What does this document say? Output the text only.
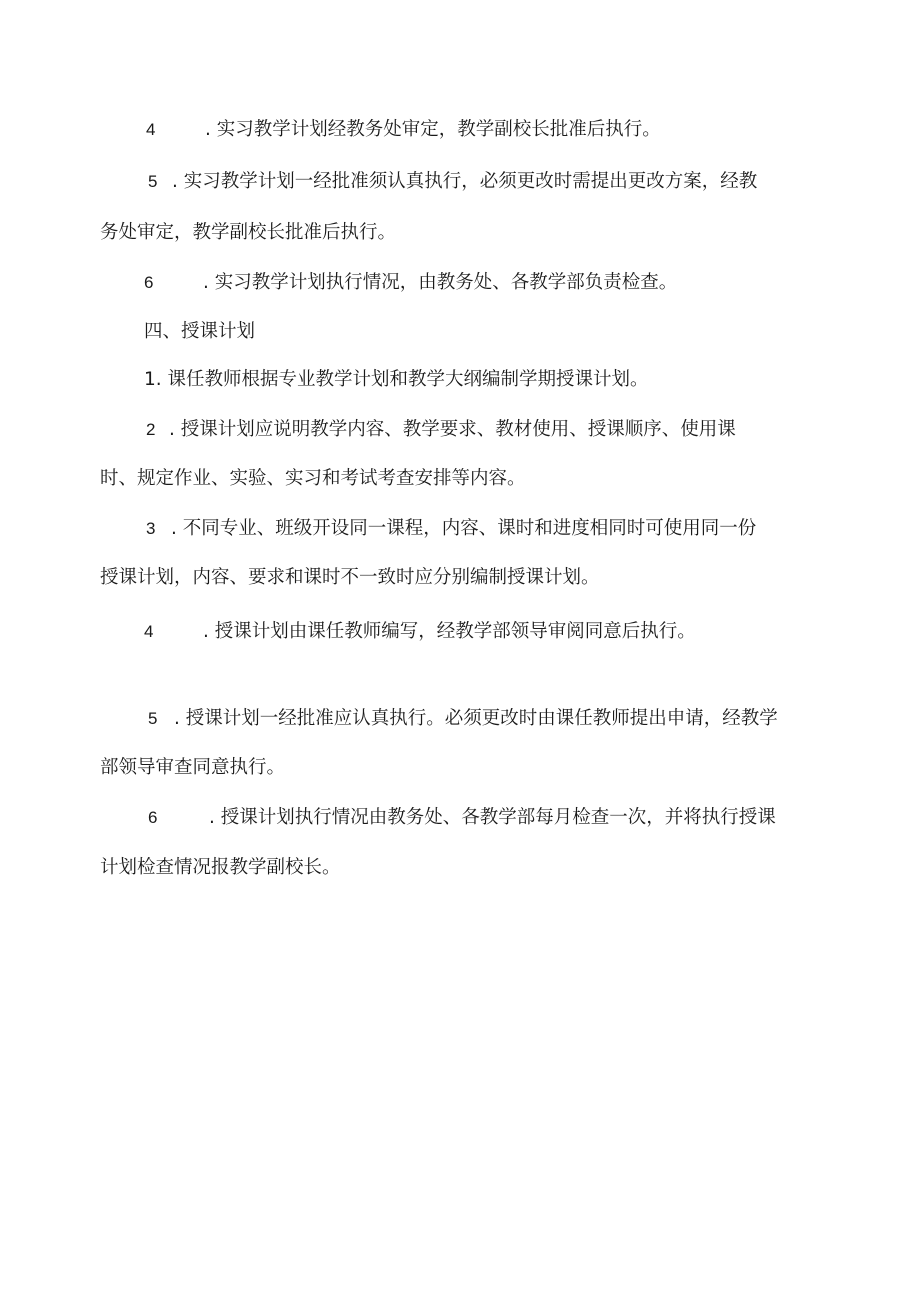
4	. 实习教学计划经教务处审定，教学副校长批准后执行。
5 . 实习教学计划一经批准须认真执行，必须更改时需提出更改方案，经教
务处审定，教学副校长批准后执行。
6	. 实习教学计划执行情况，由教务处、各教学部负责检查。
四、授课计划
1. 课任教师根据专业教学计划和教学大纲编制学期授课计划。
2 . 授课计划应说明教学内容、教学要求、教材使用、授课顺序、使用课
时、规定作业、实验、实习和考试考查安排等内容。
3 . 不同专业、班级开设同一课程，内容、课时和进度相同时可使用同一份
授课计划，内容、要求和课时不一致时应分别编制授课计划。
4	. 授课计划由课任教师编写，经教学部领导审阅同意后执行。
5 . 授课计划一经批准应认真执行。必须更改时由课任教师提出申请，经教学
部领导审查同意执行。
6	. 授课计划执行情况由教务处、各教学部每月检查一次，并将执行授课
计划检查情况报教学副校长。
